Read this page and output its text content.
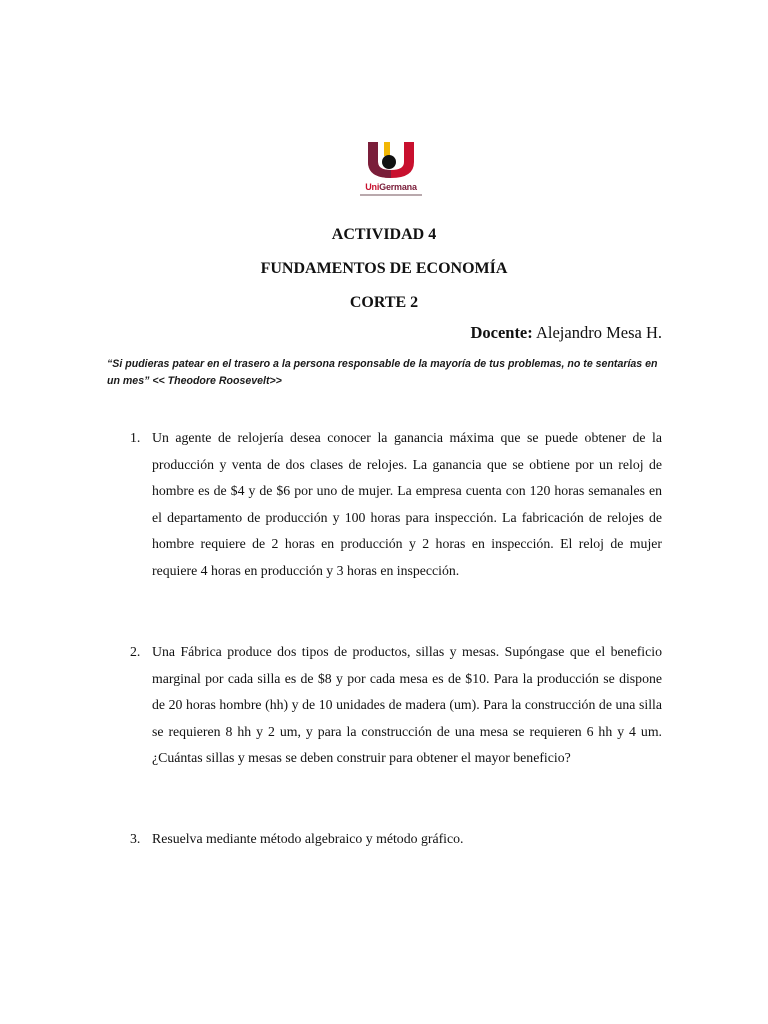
UniGermana
ACTIVIDAD 4
FUNDAMENTOS DE ECONOMÍA
CORTE 2
Docente: Alejandro Mesa H.
“Si pudieras patear en el trasero a la persona responsable de la mayoría de tus problemas, no te sentarías en un mes” << Theodore Roosevelt>>
1. Un agente de relojería desea conocer la ganancia máxima que se puede obtener de la producción y venta de dos clases de relojes. La ganancia que se obtiene por un reloj de hombre es de $4 y de $6 por uno de mujer. La empresa cuenta con 120 horas semanales en el departamento de producción y 100 horas para inspección. La fabricación de relojes de hombre requiere de 2 horas en producción y 2 horas en inspección. El reloj de mujer requiere 4 horas en producción y 3 horas en inspección.
2. Una Fábrica produce dos tipos de productos, sillas y mesas. Supóngase que el beneficio marginal por cada silla es de $8 y por cada mesa es de $10. Para la producción se dispone de 20 horas hombre (hh) y de 10 unidades de madera (um). Para la construcción de una silla se requieren 8 hh y 2 um, y para la construcción de una mesa se requieren 6 hh y 4 um. ¿Cuántas sillas y mesas se deben construir para obtener el mayor beneficio?
3. Resuelva mediante método algebraico y método gráfico.
